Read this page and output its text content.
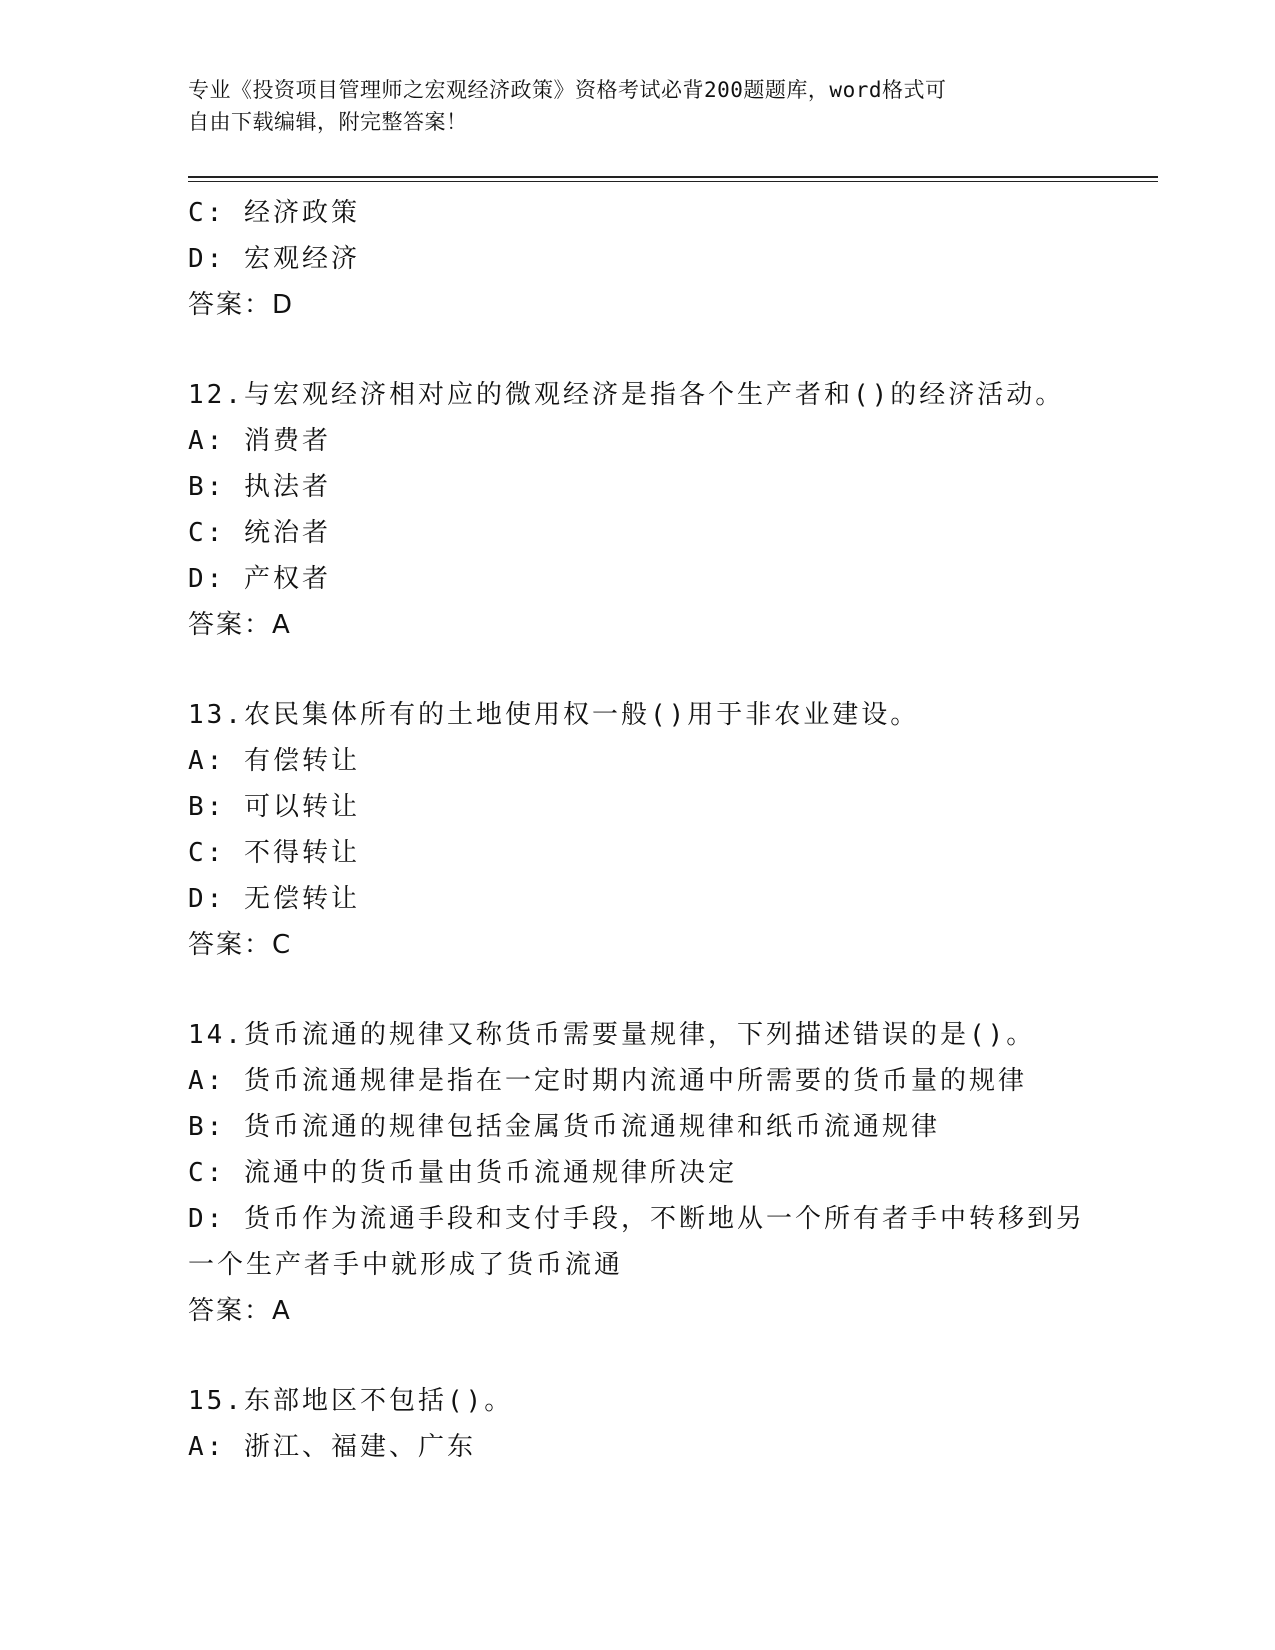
专业《投资项目管理师之宏观经济政策》资格考试必背200题题库，word格式可
自由下载编辑，附完整答案！
C: 经济政策
D: 宏观经济
答案：D
12.与宏观经济相对应的微观经济是指各个生产者和()的经济活动。
A: 消费者
B: 执法者
C: 统治者
D: 产权者
答案：A
13.农民集体所有的土地使用权一般()用于非农业建设。
A: 有偿转让
B: 可以转让
C: 不得转让
D: 无偿转让
答案：C
14.货币流通的规律又称货币需要量规律，下列描述错误的是()。
A: 货币流通规律是指在一定时期内流通中所需要的货币量的规律
B: 货币流通的规律包括金属货币流通规律和纸币流通规律
C: 流通中的货币量由货币流通规律所决定
D: 货币作为流通手段和支付手段，不断地从一个所有者手中转移到另
一个生产者手中就形成了货币流通
答案：A
15.东部地区不包括()。
A: 浙江、福建、广东
